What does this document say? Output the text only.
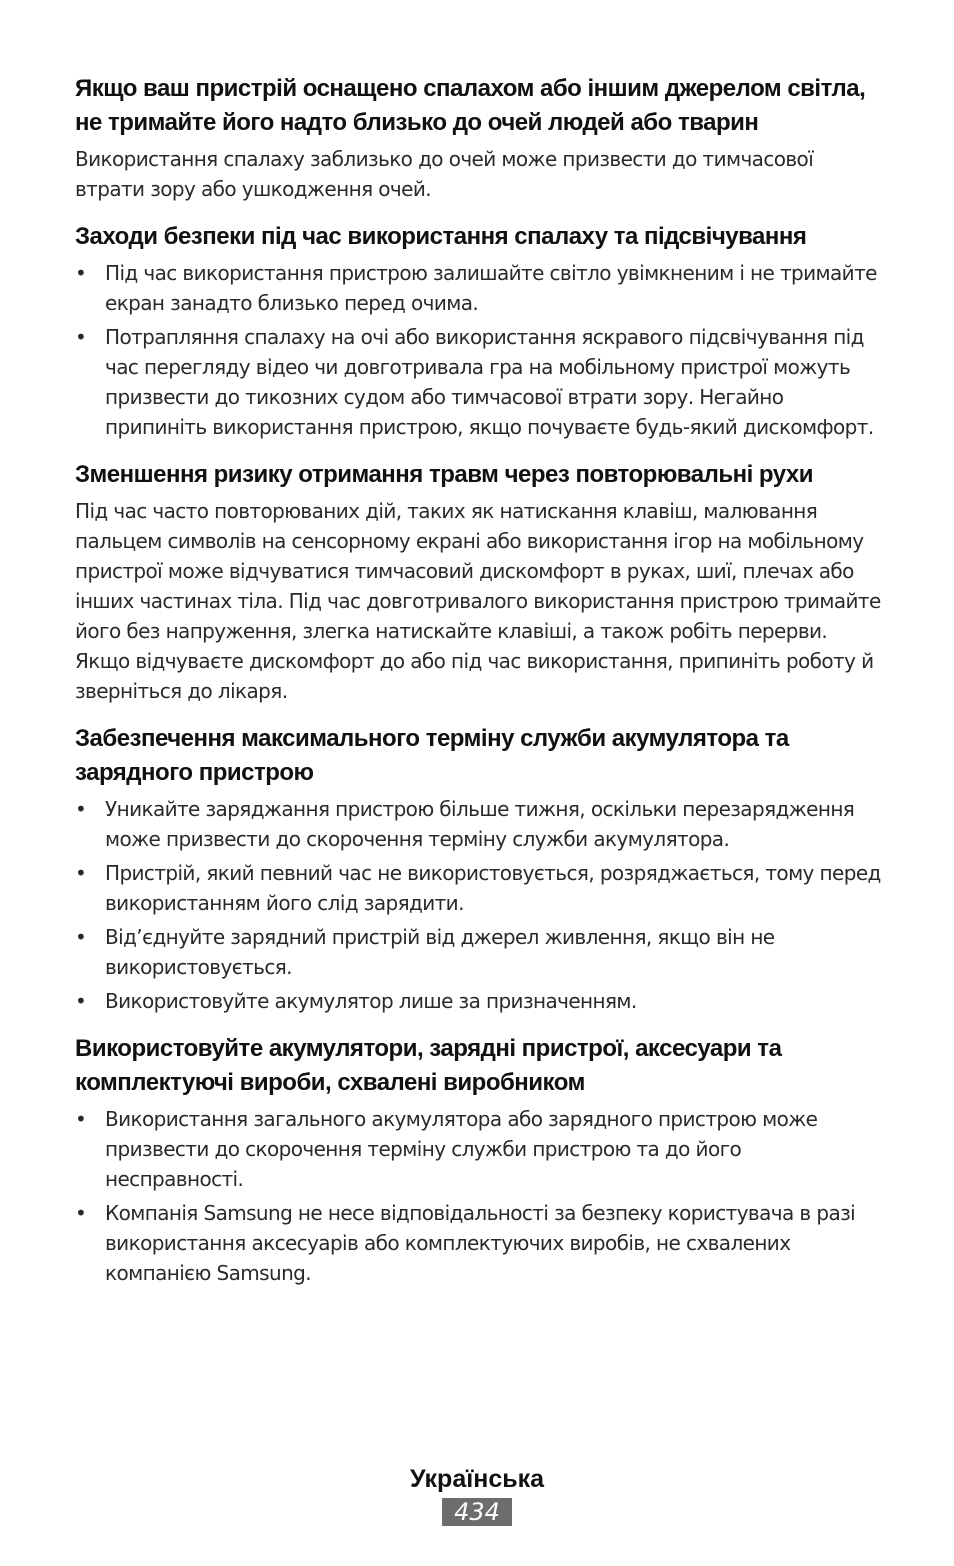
Якщо ваш пристрій оснащено спалахом або іншим джерелом світла, не тримайте його надто близько до очей людей або тварин

Використання спалаху заблизько до очей може призвести до тимчасової втрати зору або ушкодження очей.

Заходи безпеки під час використання спалаху та підсвічування
• Під час використання пристрою залишайте світло увімкненим і не тримайте екран занадто близько перед очима.
• Потрапляння спалаху на очі або використання яскравого підсвічування під час перегляду відео чи довготривала гра на мобільному пристрої можуть призвести до тикозних судом або тимчасової втрати зору. Негайно припиніть використання пристрою, якщо почуваєте будь-який дискомфорт.
Зменшення ризику отримання травм через повторювальні рухи

Під час часто повторюваних дій, таких як натискання клавіш, малювання пальцем символів на сенсорному екрані або використання ігор на мобільному пристрої може відчуватися тимчасовий дискомфорт в руках, шиї, плечах або інших частинах тіла. Під час довготривалого використання пристрою тримайте його без напруження, злегка натискайте клавіші, а також робіть перерви. Якщо відчуваєте дискомфорт до або під час використання, припиніть роботу й зверніться до лікаря.

Забезпечення максимального терміну служби акумулятора та зарядного пристрою
• Уникайте заряджання пристрою більше тижня, оскільки перезарядження може призвести до скорочення терміну служби акумулятора.
• Пристрій, який певний час не використовується, розряджається, тому перед використанням його слід зарядити.
• Від’єднуйте зарядний пристрій від джерел живлення, якщо він не використовується.
• Використовуйте акумулятор лише за призначенням.
Використовуйте акумулятори, зарядні пристрої, аксесуари та комплектуючі вироби, схвалені виробником
• Використання загального акумулятора або зарядного пристрою може призвести до скорочення терміну служби пристрою та до його несправності.
• Компанія Samsung не несе відповідальності за безпеку користувача в разі використання аксесуарів або комплектуючих виробів, не схвалених компанією Samsung.
Українська
434
